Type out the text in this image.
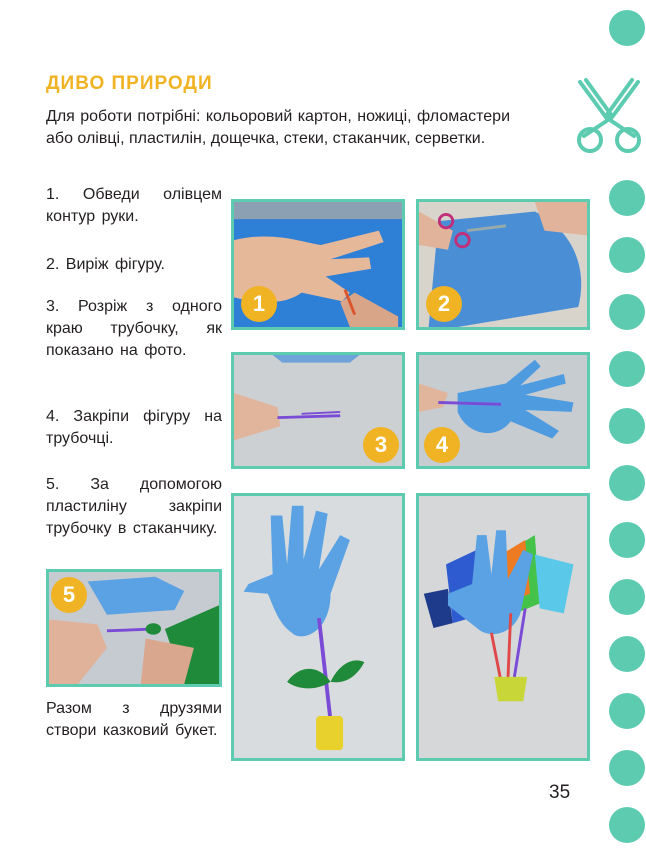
ДИВО ПРИРОДИ
Для роботи потрібні: кольоровий картон, ножиці, фломастери або олівці, пластилін, дощечка, стеки, стаканчик, серветки.
1. Обведи олівцем контур руки.
2. Виріж фігуру.
3. Розріж з одного краю трубочку, як показано на фото.
4. Закріпи фігуру на трубочці.
5. За допомогою пластиліну закріпи трубочку в стаканчику.
Разом з друзями створи казковий букет.
1	2
3	4
5
35
